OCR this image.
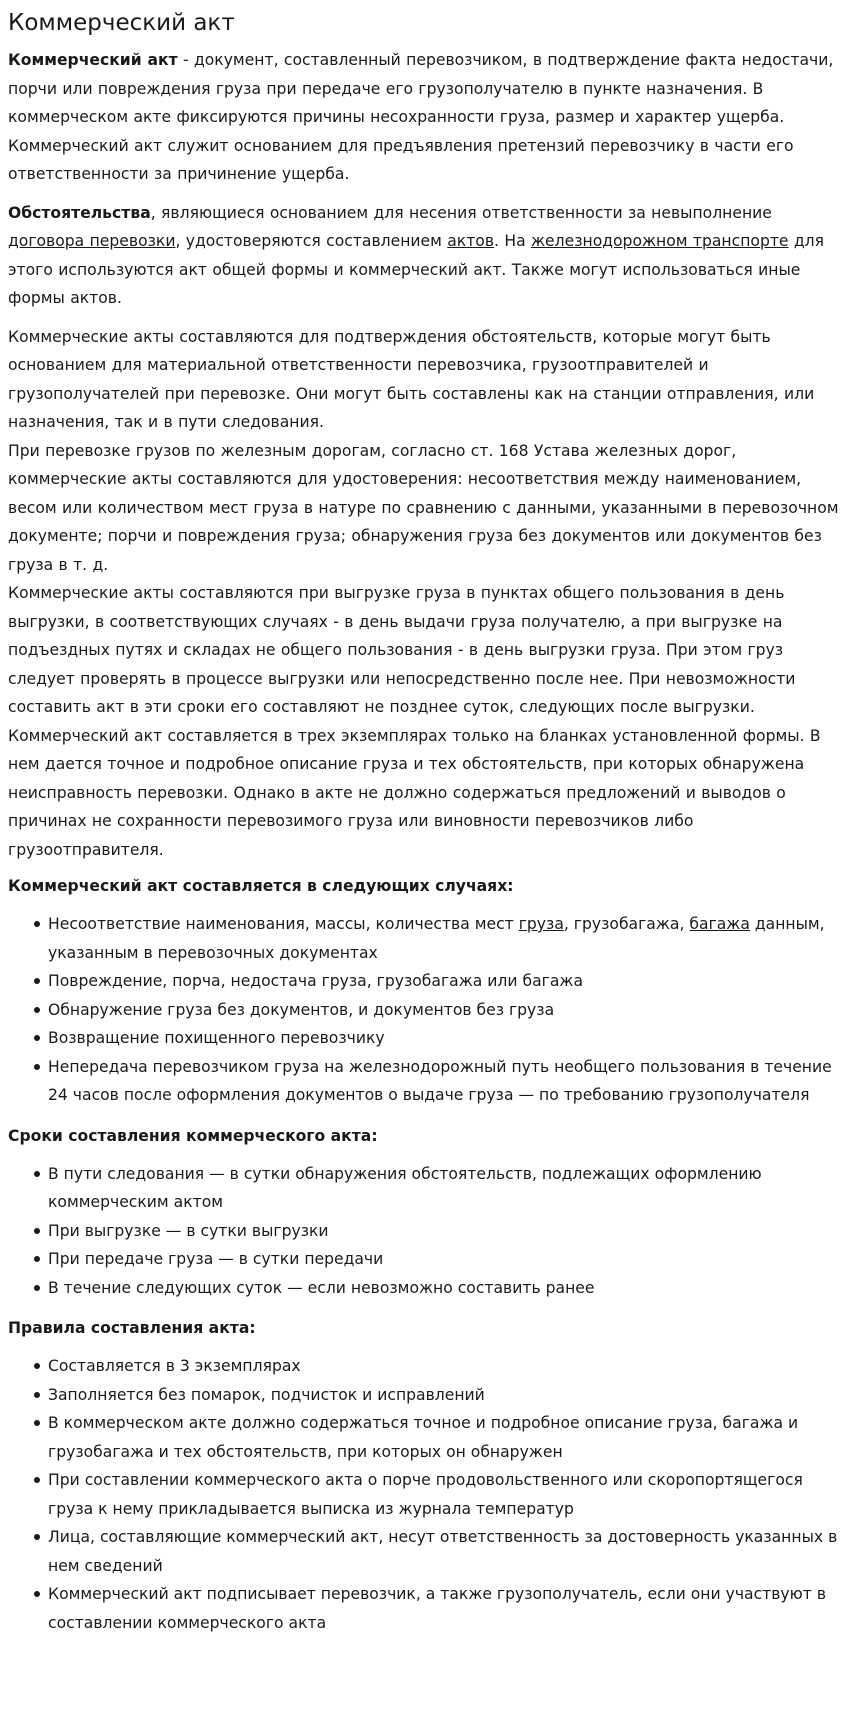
Коммерческий акт

Коммерческий акт - документ, составленный перевозчиком, в подтверждение факта недостачи, порчи или повреждения груза при передаче его грузополучателю в пункте назначения. В коммерческом акте фиксируются причины несохранности груза, размер и характер ущерба. Коммерческий акт служит основанием для предъявления претензий перевозчику в части его ответственности за причинение ущерба.

Обстоятельства, являющиеся основанием для несения ответственности за невыполнение договора перевозки, удостоверяются составлением актов. На железнодорожном транспорте для этого используются акт общей формы и коммерческий акт. Также могут использоваться иные формы актов.

Коммерческие акты составляются для подтверждения обстоятельств, которые могут быть основанием для материальной ответственности перевозчика, грузоотправителей и грузополучателей при перевозке. Они могут быть составлены как на станции отправления, или назначения, так и в пути следования.

При перевозке грузов по железным дорогам, согласно ст. 168 Устава железных дорог, коммерческие акты составляются для удостоверения: несоответствия между наименованием, весом или количеством мест груза в натуре по сравнению с данными, указанными в перевозочном документе; порчи и повреждения груза; обнаружения груза без документов или документов без груза в т. д.

Коммерческие акты составляются при выгрузке груза в пунктах общего пользования в день выгрузки, в соответствующих случаях - в день выдачи груза получателю, а при выгрузке на подъездных путях и складах не общего пользования - в день выгрузки груза. При этом груз следует проверять в процессе выгрузки или непосредственно после нее. При невозможности составить акт в эти сроки его составляют не позднее суток, следующих после выгрузки.

Коммерческий акт составляется в трех экземплярах только на бланках установленной формы. В нем дается точное и подробное описание груза и тех обстоятельств, при которых обнаружена неисправность перевозки. Однако в акте не должно содержаться предложений и выводов о причинах не сохранности перевозимого груза или виновности перевозчиков либо грузоотправителя.

Коммерческий акт составляется в следующих случаях:
Несоответствие наименования, массы, количества мест груза, грузобагажа, багажа данным, указанным в перевозочных документах
Повреждение, порча, недостача груза, грузобагажа или багажа
Обнаружение груза без документов, и документов без груза
Возвращение похищенного перевозчику
Непередача перевозчиком груза на железнодорожный путь необщего пользования в течение 24 часов после оформления документов о выдаче груза — по требованию грузополучателя
Сроки составления коммерческого акта:
В пути следования — в сутки обнаружения обстоятельств, подлежащих оформлению коммерческим актом
При выгрузке — в сутки выгрузки
При передаче груза — в сутки передачи
В течение следующих суток — если невозможно составить ранее
Правила составления акта:
Составляется в 3 экземплярах
Заполняется без помарок, подчисток и исправлений
В коммерческом акте должно содержаться точное и подробное описание груза, багажа и грузобагажа и тех обстоятельств, при которых он обнаружен
При составлении коммерческого акта о порче продовольственного или скоропортящегося груза к нему прикладывается выписка из журнала температур
Лица, составляющие коммерческий акт, несут ответственность за достоверность указанных в нем сведений
Коммерческий акт подписывает перевозчик, а также грузополучатель, если они участвуют в составлении коммерческого акта
